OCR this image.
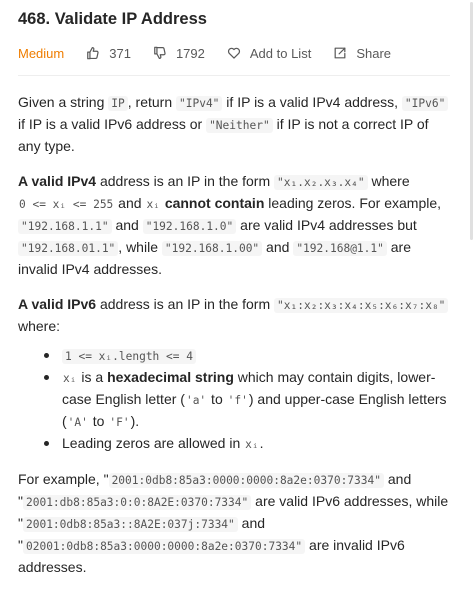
468. Validate IP Address
Medium	371	1792	Add to List	Share

Given a string IP , return "IPv4" if IP is a valid IPv4 address, "IPv6" if IP is a valid IPv6 address or "Neither" if IP is not a correct IP of any type.

A valid IPv4 address is an IP in the form "x₁.x₂.x₃.x₄" where 0 <= xᵢ <= 255 and xᵢ cannot contain leading zeros. For example, "192.168.1.1" and "192.168.1.0" are valid IPv4 addresses but "192.168.01.1" , while "192.168.1.00" and "192.168@1.1" are invalid IPv4 addresses.

A valid IPv6 address is an IP in the form "x₁:x₂:x₃:x₄:x₅:x₆:x₇:x₈" where:

1 <= xᵢ.length <= 4
xᵢ is a hexadecimal string which may contain digits, lower-case English letter ('a' to 'f') and upper-case English letters ('A' to 'F').
Leading zeros are allowed in xᵢ.

For example, " 2001:0db8:85a3:0000:0000:8a2e:0370:7334" and " 2001:db8:85a3:0:0:8A2E:0370:7334" are valid IPv6 addresses, while " 2001:0db8:85a3::8A2E:037j:7334" and " 02001:0db8:85a3:0000:0000:8a2e:0370:7334" are invalid IPv6 addresses.
